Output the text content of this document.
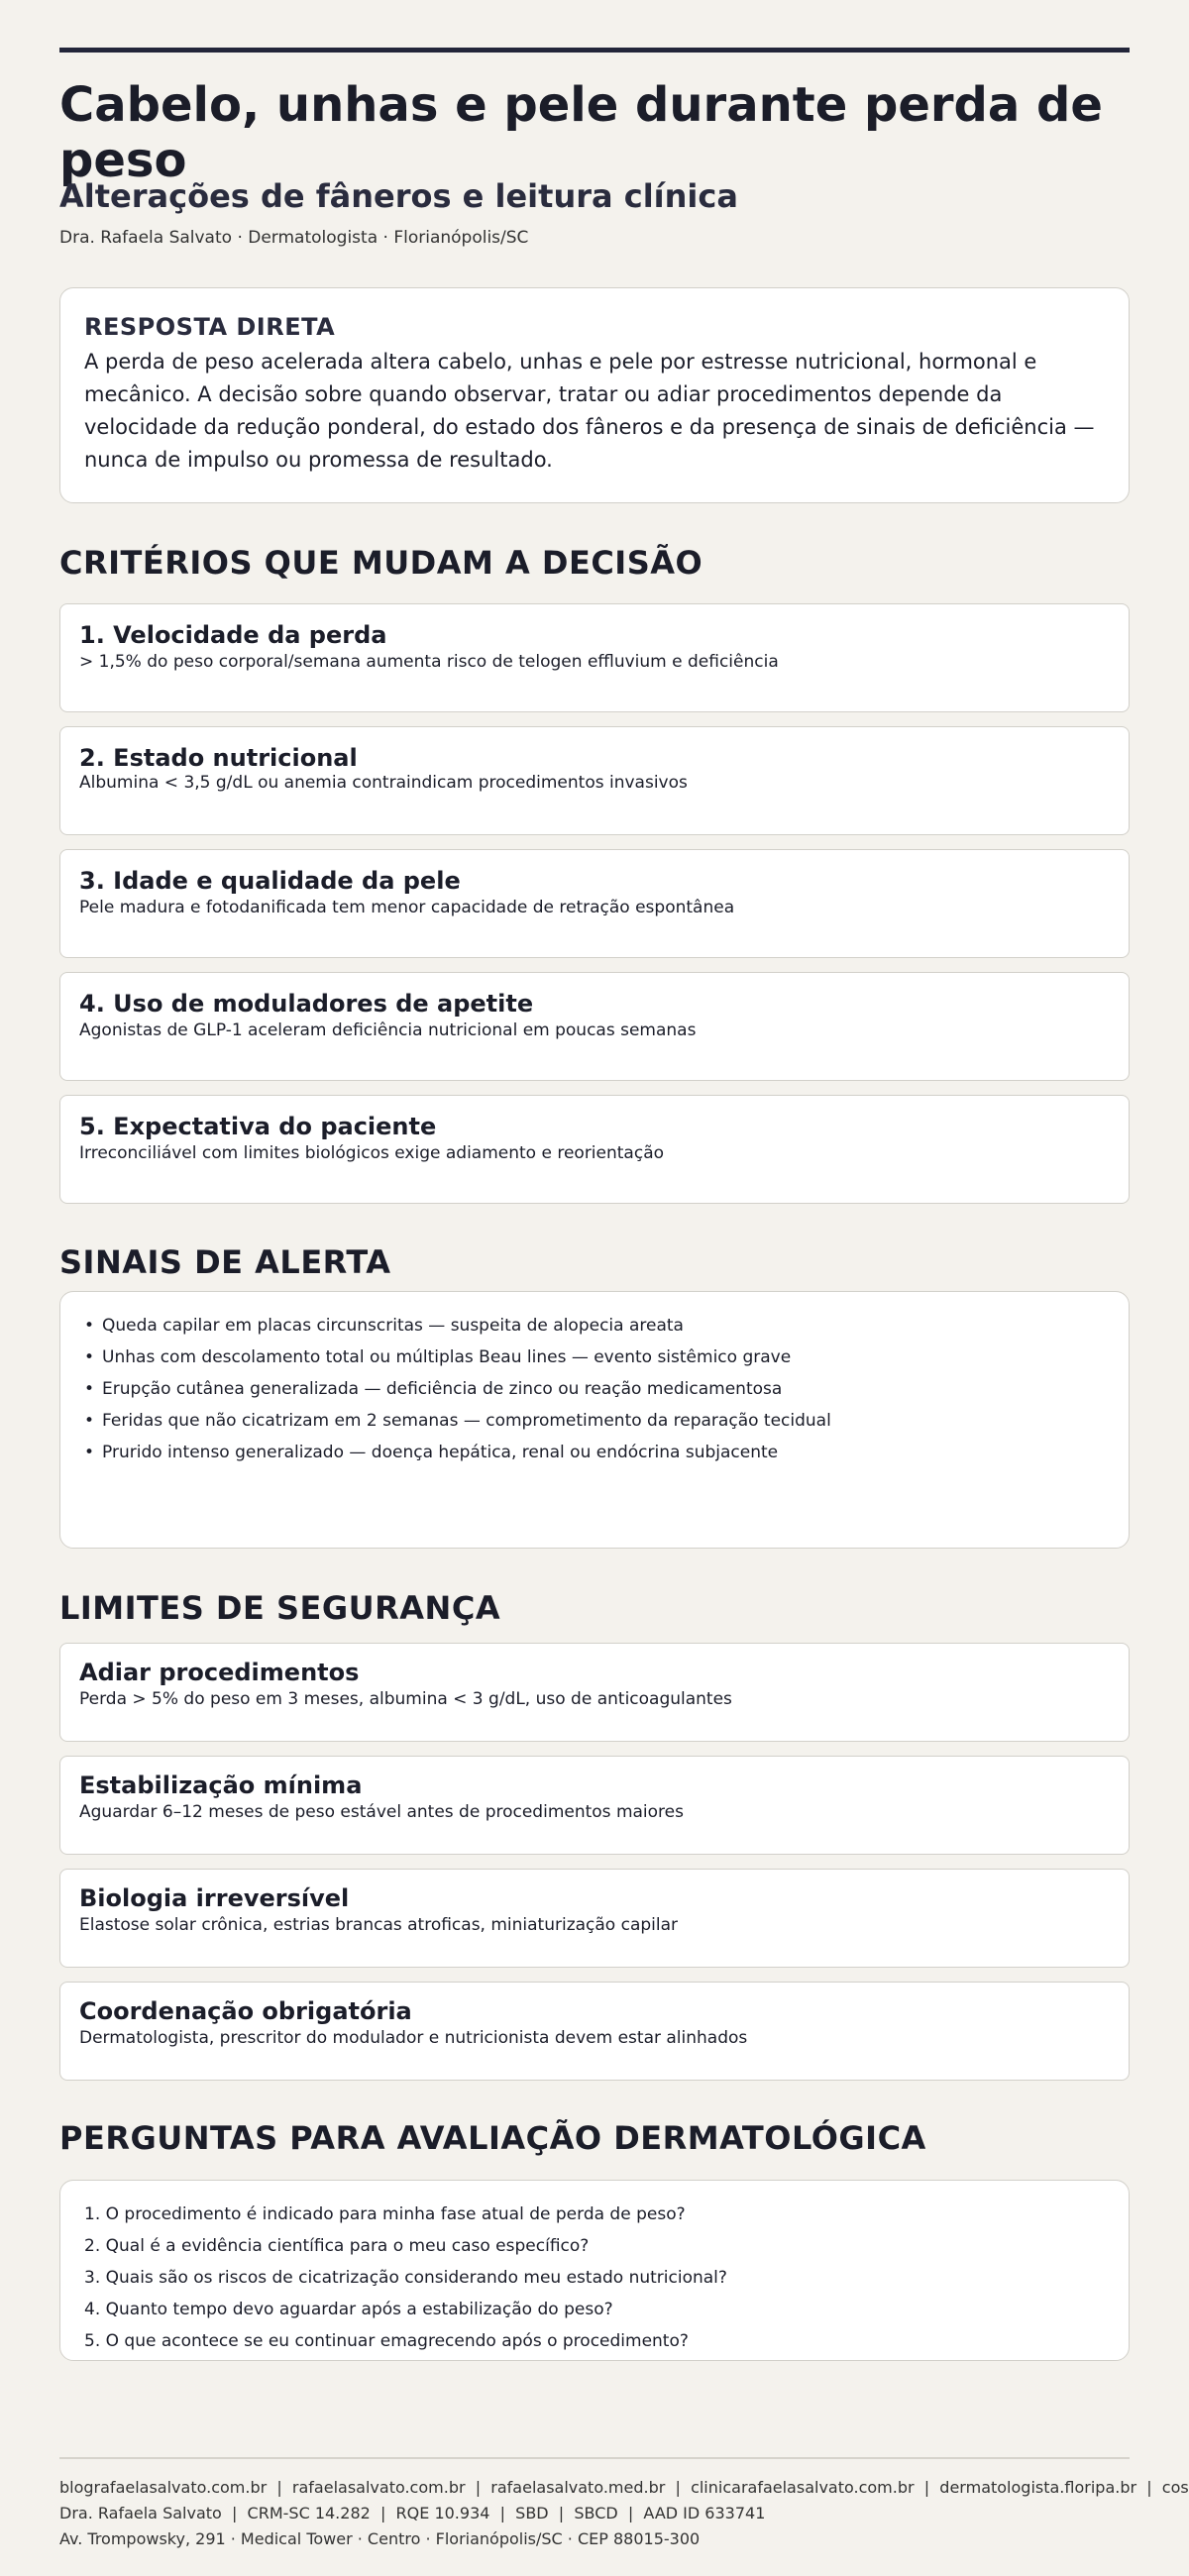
Cabelo, unhas e pele durante perda de peso
Alterações de fâneros e leitura clínica
Dra. Rafaela Salvato · Dermatologista · Florianópolis/SC
RESPOSTA DIRETA
A perda de peso acelerada altera cabelo, unhas e pele por estresse nutricional, hormonal e mecânico. A decisão sobre quando observar, tratar ou adiar procedimentos depende da velocidade da redução ponderal, do estado dos fâneros e da presença de sinais de deficiência — nunca de impulso ou promessa de resultado.
CRITÉRIOS QUE MUDAM A DECISÃO
1. Velocidade da perda
> 1,5% do peso corporal/semana aumenta risco de telogen effluvium e deficiência
2. Estado nutricional
Albumina < 3,5 g/dL ou anemia contraindicam procedimentos invasivos
3. Idade e qualidade da pele
Pele madura e fotodanificada tem menor capacidade de retração espontânea
4. Uso de moduladores de apetite
Agonistas de GLP-1 aceleram deficiência nutricional em poucas semanas
5. Expectativa do paciente
Irreconciliável com limites biológicos exige adiamento e reorientação
SINAIS DE ALERTA
• Queda capilar em placas circunscritas — suspeita de alopecia areata
• Unhas com descolamento total ou múltiplas Beau lines — evento sistêmico grave
• Erupção cutânea generalizada — deficiência de zinco ou reação medicamentosa
• Feridas que não cicatrizam em 2 semanas — comprometimento da reparação tecidual
• Prurido intenso generalizado — doença hepática, renal ou endócrina subjacente
LIMITES DE SEGURANÇA
Adiar procedimentos
Perda > 5% do peso em 3 meses, albumina < 3 g/dL, uso de anticoagulantes
Estabilização mínima
Aguardar 6–12 meses de peso estável antes de procedimentos maiores
Biologia irreversível
Elastose solar crônica, estrias brancas atroficas, miniaturização capilar
Coordenação obrigatória
Dermatologista, prescritor do modulador e nutricionista devem estar alinhados
PERGUNTAS PARA AVALIAÇÃO DERMATOLÓGICA
1. O procedimento é indicado para minha fase atual de perda de peso?
2. Qual é a evidência científica para o meu caso específico?
3. Quais são os riscos de cicatrização considerando meu estado nutricional?
4. Quanto tempo devo aguardar após a estabilização do peso?
5. O que acontece se eu continuar emagrecendo após o procedimento?
blografaelasalvato.com.br  |  rafaelasalvato.com.br  |  rafaelasalvato.med.br  |  clinicarafaelasalvato.com.br  |  dermatologista.floripa.br  |  cos
Dra. Rafaela Salvato  |  CRM-SC 14.282  |  RQE 10.934  |  SBD  |  SBCD  |  AAD ID 633741
Av. Trompowsky, 291 · Medical Tower · Centro · Florianópolis/SC · CEP 88015-300
